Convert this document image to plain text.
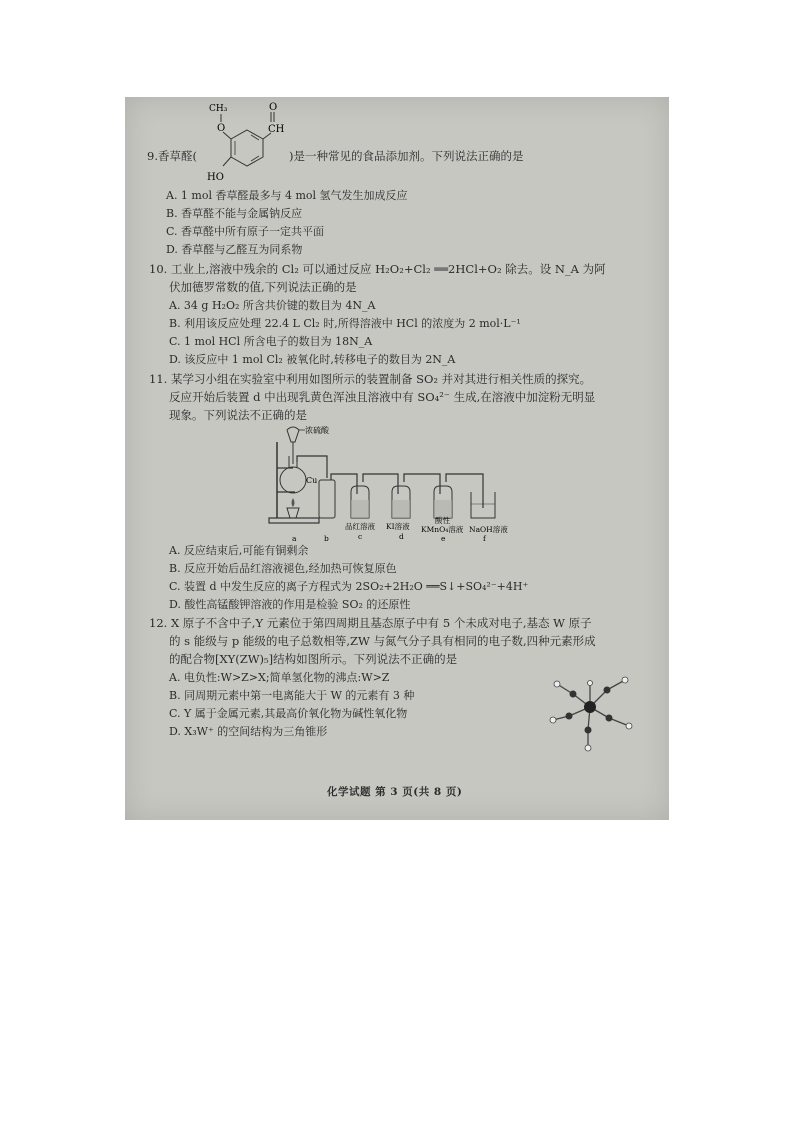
CH₃
O
O
CH
HO
9.香草醛(	)是一种常见的食品添加剂。下列说法正确的是
A. 1 mol 香草醛最多与 4 mol 氢气发生加成反应
B. 香草醛不能与金属钠反应
C. 香草醛中所有原子一定共平面
D. 香草醛与乙醛互为同系物
10. 工业上,溶液中残余的 Cl₂ 可以通过反应 H₂O₂+Cl₂ ══2HCl+O₂ 除去。设 N_A 为阿
伏加德罗常数的值,下列说法正确的是
A. 34 g H₂O₂ 所含共价键的数目为 4N_A
B. 利用该反应处理 22.4 L Cl₂ 时,所得溶液中 HCl 的浓度为 2 mol·L⁻¹
C. 1 mol HCl 所含电子的数目为 18N_A
D. 该反应中 1 mol Cl₂ 被氧化时,转移电子的数目为 2N_A
11. 某学习小组在实验室中利用如图所示的装置制备 SO₂ 并对其进行相关性质的探究。
反应开始后装置 d 中出现乳黄色浑浊且溶液中有 SO₄²⁻ 生成,在溶液中加淀粉无明显
现象。下列说法不正确的是
浓硫酸
Cu
品红溶液 KI溶液
酸性
KMnO₄溶液 NaOH溶液
a	b	c	d	e	f
A. 反应结束后,可能有铜剩余
B. 反应开始后品红溶液褪色,经加热可恢复原色
C. 装置 d 中发生反应的离子方程式为 2SO₂+2H₂O ══S↓+SO₄²⁻+4H⁺
D. 酸性高锰酸钾溶液的作用是检验 SO₂ 的还原性
12. X 原子不含中子,Y 元素位于第四周期且基态原子中有 5 个未成对电子,基态 W 原子
的 s 能级与 p 能级的电子总数相等,ZW 与氮气分子具有相同的电子数,四种元素形成
的配合物[XY(ZW)₅]结构如图所示。下列说法不正确的是
A. 电负性:W>Z>X;简单氢化物的沸点:W>Z
B. 同周期元素中第一电离能大于 W 的元素有 3 种
C. Y 属于金属元素,其最高价氧化物为碱性氧化物
D. X₃W⁺ 的空间结构为三角锥形
化学试题 第 3 页(共 8 页)
